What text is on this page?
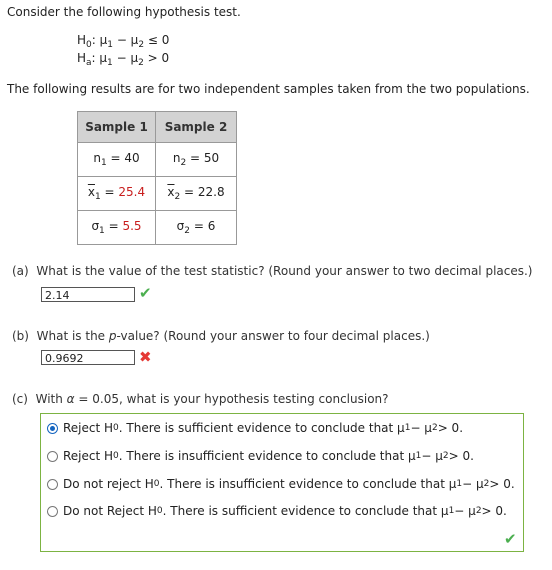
Consider the following hypothesis test.
$H_0$: $\mu_1 - \mu_2 \le 0$
$H_a$: $\mu_1 - \mu_2 > 0$
The following results are for two independent samples taken from the two populations.
Sample 1	Sample 2
$n_1 = 40$	$n_2 = 50$
$\overline{x}_1 = 25.4$	$\overline{x}_2 = 22.8$
$\sigma_1 = 5.5$	$\sigma_2 = 6$
(a) What is the value of the test statistic? (Round your answer to two decimal places.)
2.14	✔
(b) What is the p-value? (Round your answer to four decimal places.)
0.9692	✖
(c) With α = 0.05, what is your hypothesis testing conclusion?
Reject H 0 . There is sufficient evidence to conclude that μ 1 − μ 2 > 0.
Reject H 0 . There is insufficient evidence to conclude that μ 1 − μ 2 > 0.
Do not reject H 0 . There is insufficient evidence to conclude that μ 1 − μ 2 > 0.
Do not Reject H 0 . There is sufficient evidence to conclude that μ 1 − μ 2 > 0.
✔
